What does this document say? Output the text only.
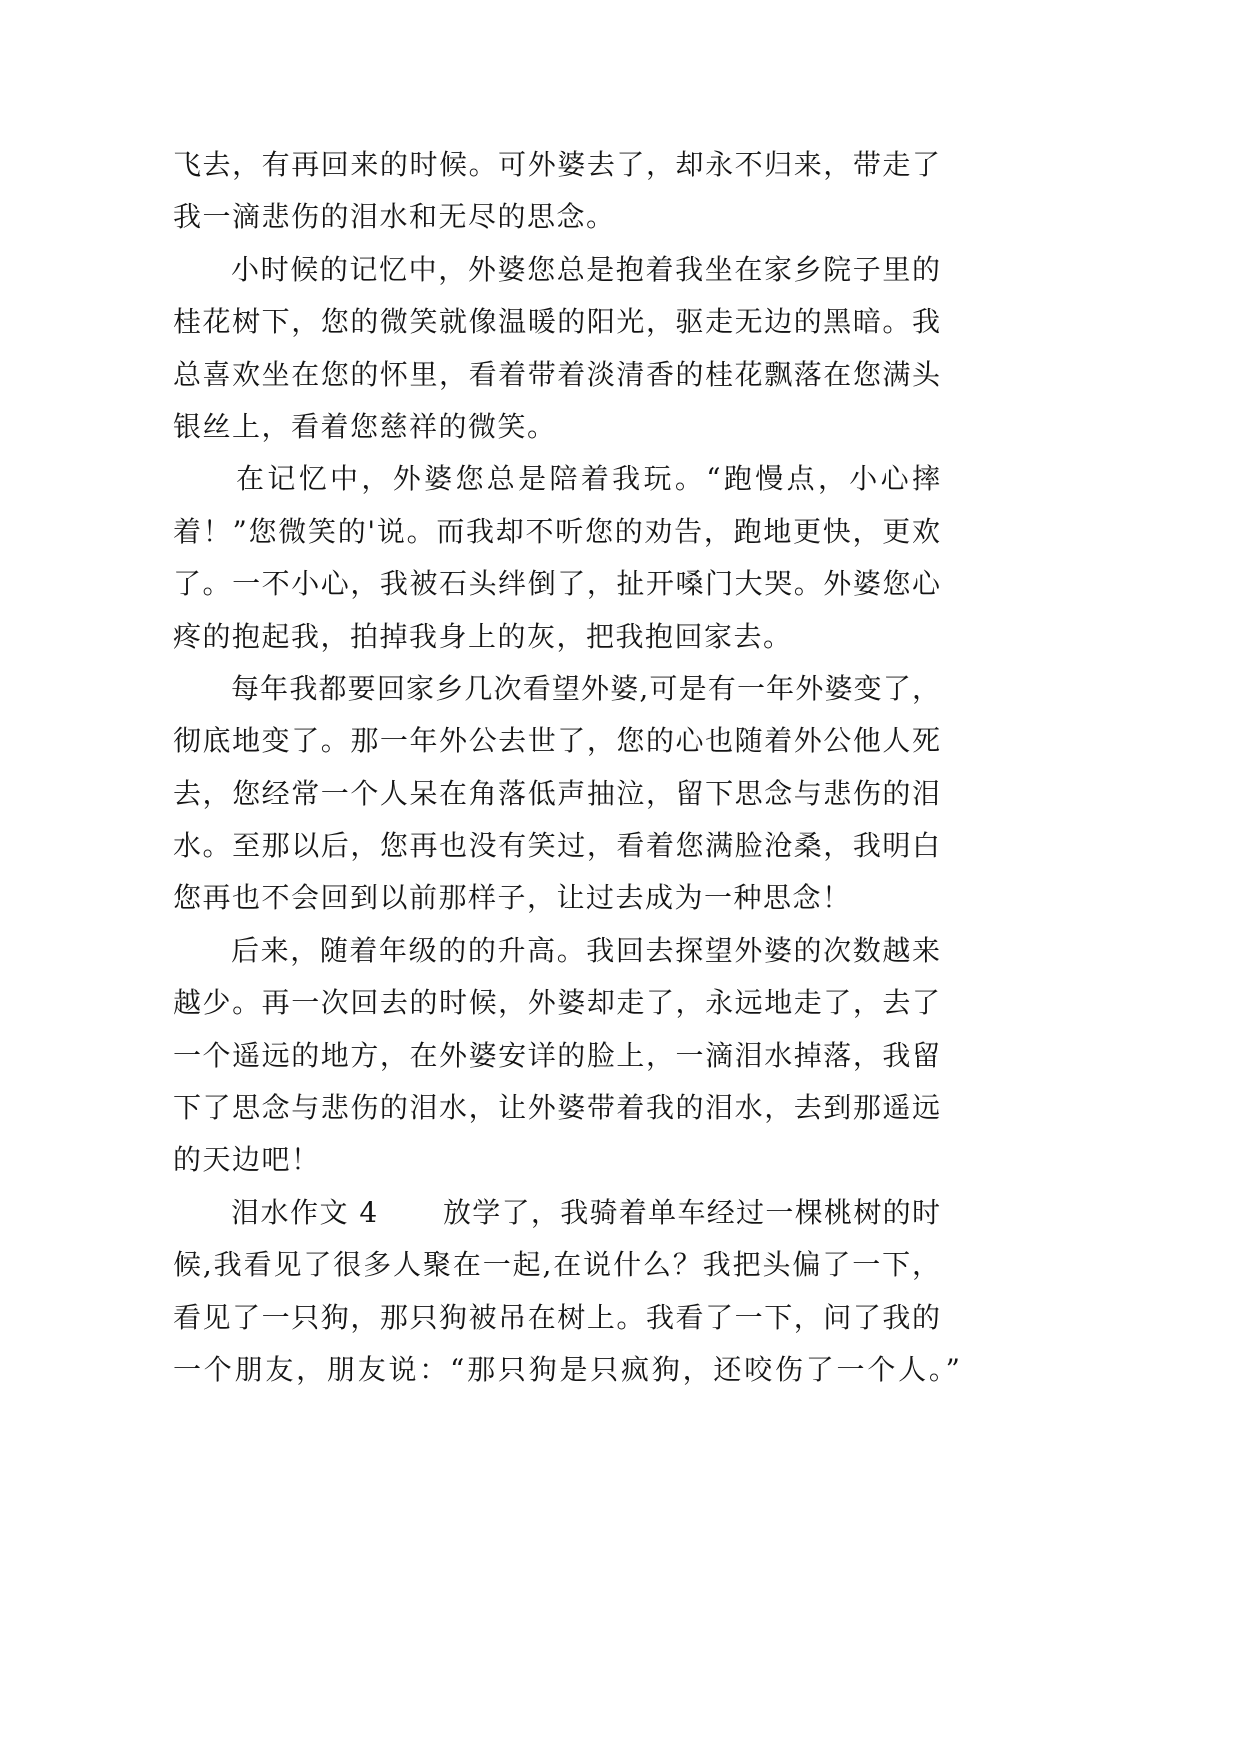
飞去，有再回来的时候。可外婆去了，却永不归来，带走了
我一滴悲伤的泪水和无尽的思念。
小时候的记忆中，外婆您总是抱着我坐在家乡院子里的
桂花树下，您的微笑就像温暖的阳光，驱走无边的黑暗。我
总喜欢坐在您的怀里，看着带着淡清香的桂花飘落在您满头
银丝上，看着您慈祥的微笑。
在记忆中，外婆您总是陪着我玩。“跑慢点，小心摔
着！”您微笑的'说。而我却不听您的劝告，跑地更快，更欢
了。一不小心，我被石头绊倒了，扯开嗓门大哭。外婆您心
疼的抱起我，拍掉我身上的灰，把我抱回家去。
每年我都要回家乡几次看望外婆,可是有一年外婆变了，
彻底地变了。那一年外公去世了，您的心也随着外公他人死
去，您经常一个人呆在角落低声抽泣，留下思念与悲伤的泪
水。至那以后，您再也没有笑过，看着您满脸沧桑，我明白
您再也不会回到以前那样子，让过去成为一种思念！
后来，随着年级的的升高。我回去探望外婆的次数越来
越少。再一次回去的时候，外婆却走了，永远地走了，去了
一个遥远的地方，在外婆安详的脸上，一滴泪水掉落，我留
下了思念与悲伤的泪水，让外婆带着我的泪水，去到那遥远
的天边吧！
泪水作文 4 放学了，我骑着单车经过一棵桃树的时
候,我看见了很多人聚在一起,在说什么？我把头偏了一下，
看见了一只狗，那只狗被吊在树上。我看了一下，问了我的
一个朋友，朋友说：“那只狗是只疯狗，还咬伤了一个人。”
